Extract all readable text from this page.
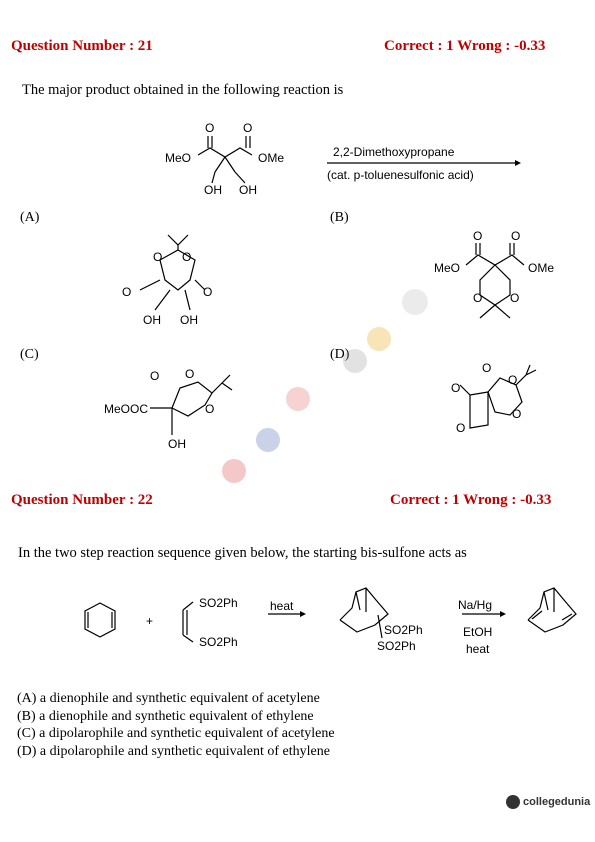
Question Number : 21	Correct : 1 Wrong : -0.33
The major product obtained in the following reaction is
MeO	OMe
O O
OH OH
2,2-Dimethoxypropane
(cat. p-toluenesulfonic acid)
(A)
O O
O	O
OH OH
(B)
MeO	OMe
O O
O O
(C)
MeOOC
OH
O O
O
(D)
O
O
O
O
O
Question Number : 22	Correct : 1 Wrong : -0.33
In the two step reaction sequence given below, the starting bis-sulfone acts as
+
SO2Ph
SO2Ph
heat
SO2Ph
SO2Ph
Na/Hg
EtOH
heat
(A) a dienophile and synthetic equivalent of acetylene
(B) a dienophile and synthetic equivalent of ethylene
(C) a dipolarophile and synthetic equivalent of acetylene
(D) a dipolarophile and synthetic equivalent of ethylene
collegedunia
